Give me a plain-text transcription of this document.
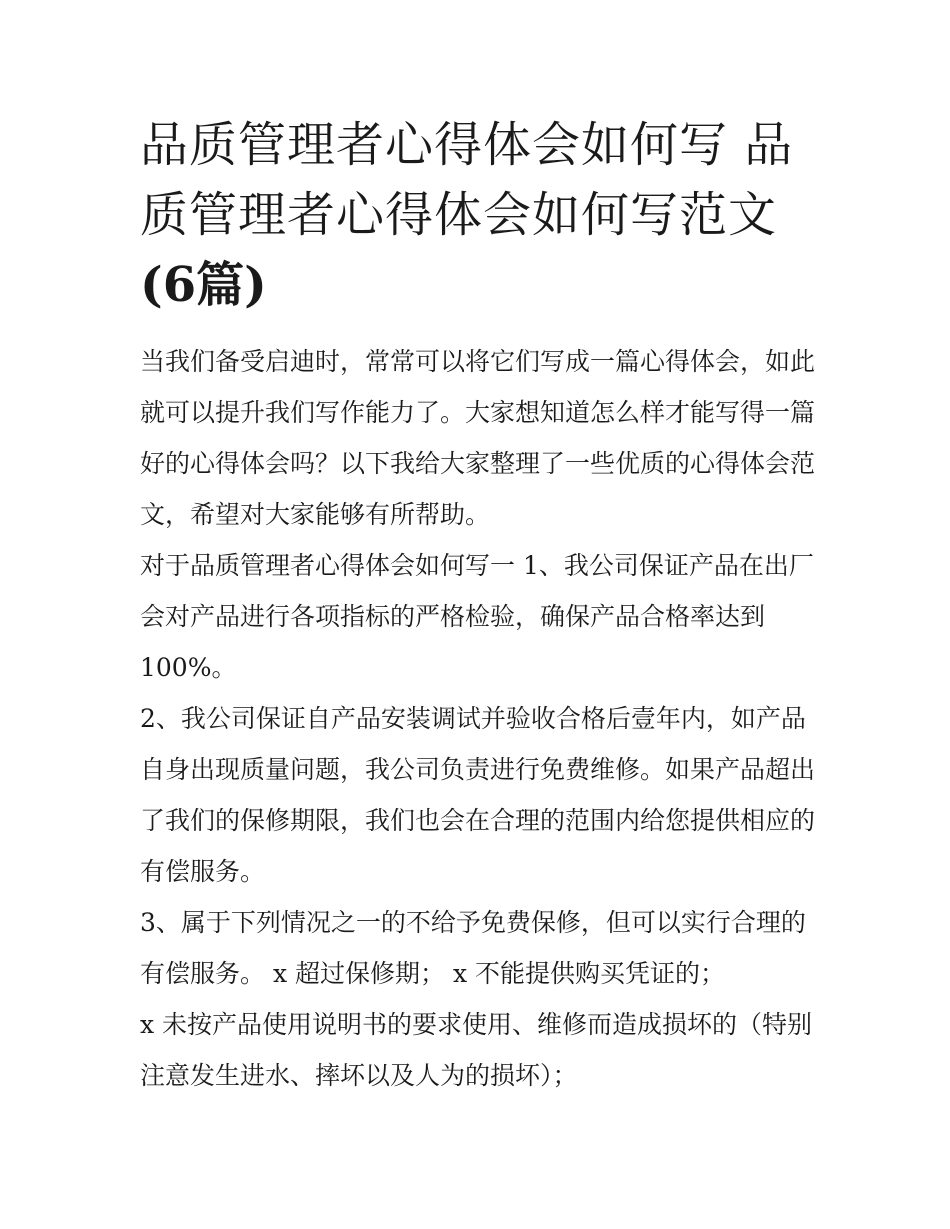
品质管理者心得体会如何写 品质管理者心得体会如何写范文
(6篇)

当我们备受启迪时，常常可以将它们写成一篇心得体会，如此就可以提升我们写作能力了。大家想知道怎么样才能写得一篇好的心得体会吗？以下我给大家整理了一些优质的心得体会范文，希望对大家能够有所帮助。

对于品质管理者心得体会如何写一 1、我公司保证产品在出厂会对产品进行各项指标的严格检验，确保产品合格率达到 100%。

2、我公司保证自产品安装调试并验收合格后壹年内，如产品自身出现质量问题，我公司负责进行免费维修。如果产品超出了我们的保修期限，我们也会在合理的范围内给您提供相应的有偿服务。

3、属于下列情况之一的不给予免费保修，但可以实行合理的有偿服务。 x 超过保修期； x 不能提供购买凭证的；

x 未按产品使用说明书的要求使用、维修而造成损坏的（特别注意发生进水、摔坏以及人为的损坏）；
